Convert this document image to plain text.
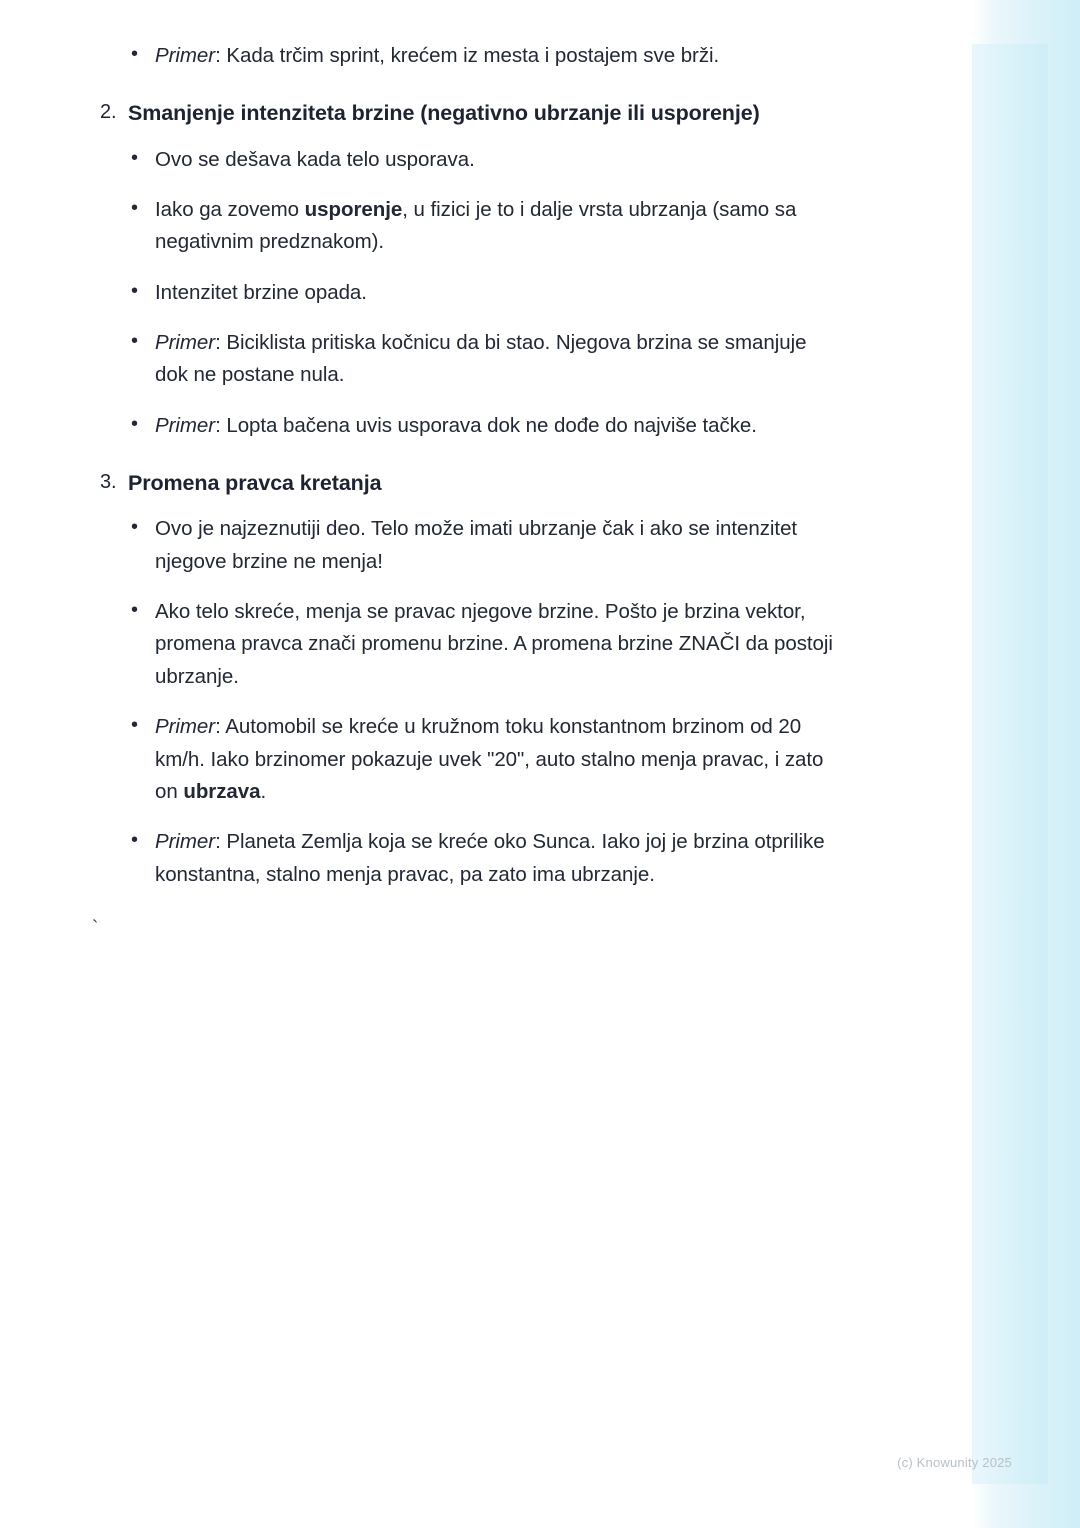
• Primer: Kada trčim sprint, krećem iz mesta i postajem sve brži.
2. Smanjenje intenziteta brzine (negativno ubrzanje ili usporenje)
• Ovo se dešava kada telo usporava.
• Iako ga zovemo usporenje, u fizici je to i dalje vrsta ubrzanja (samo sa negativnim predznakom).
• Intenzitet brzine opada.
• Primer: Biciklista pritiska kočnicu da bi stao. Njegova brzina se smanjuje dok ne postane nula.
• Primer: Lopta bačena uvis usporava dok ne dođe do najviše tačke.
3. Promena pravca kretanja
• Ovo je najzeznutiji deo. Telo može imati ubrzanje čak i ako se intenzitet njegove brzine ne menja!
• Ako telo skreće, menja se pravac njegove brzine. Pošto je brzina vektor, promena pravca znači promenu brzine. A promena brzine ZNAČI da postoji ubrzanje.
• Primer: Automobil se kreće u kružnom toku konstantnom brzinom od 20 km/h. Iako brzinomer pokazuje uvek "20", auto stalno menja pravac, i zato on ubrzava.
• Primer: Planeta Zemlja koja se kreće oko Sunca. Iako joj je brzina otprilike konstantna, stalno menja pravac, pa zato ima ubrzanje.
`
(c) Knowunity 2025
